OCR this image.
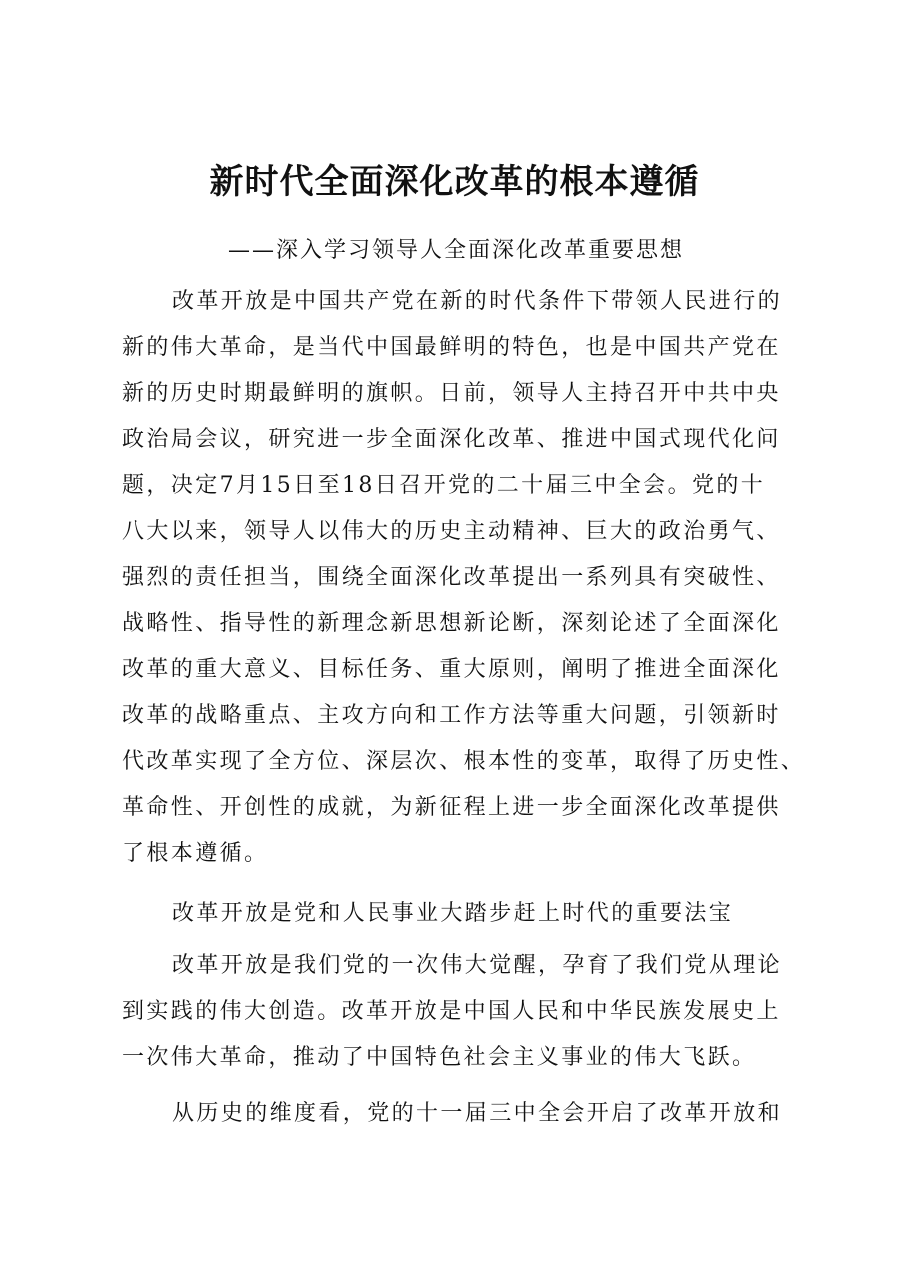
新时代全面深化改革的根本遵循

——深入学习领导人全面深化改革重要思想

改革开放是中国共产党在新的时代条件下带领人民进行的

新的伟大革命，是当代中国最鲜明的特色，也是中国共产党在

新的历史时期最鲜明的旗帜。日前，领导人主持召开中共中央

政治局会议，研究进一步全面深化改革、推进中国式现代化问

题，决定7月15日至18日召开党的二十届三中全会。党的十

八大以来，领导人以伟大的历史主动精神、巨大的政治勇气、

强烈的责任担当，围绕全面深化改革提出一系列具有突破性、

战略性、指导性的新理念新思想新论断，深刻论述了全面深化

改革的重大意义、目标任务、重大原则，阐明了推进全面深化

改革的战略重点、主攻方向和工作方法等重大问题，引领新时

代改革实现了全方位、深层次、根本性的变革，取得了历史性、

革命性、开创性的成就，为新征程上进一步全面深化改革提供

了根本遵循。

改革开放是党和人民事业大踏步赶上时代的重要法宝

改革开放是我们党的一次伟大觉醒，孕育了我们党从理论

到实践的伟大创造。改革开放是中国人民和中华民族发展史上

一次伟大革命，推动了中国特色社会主义事业的伟大飞跃。

从历史的维度看，党的十一届三中全会开启了改革开放和
